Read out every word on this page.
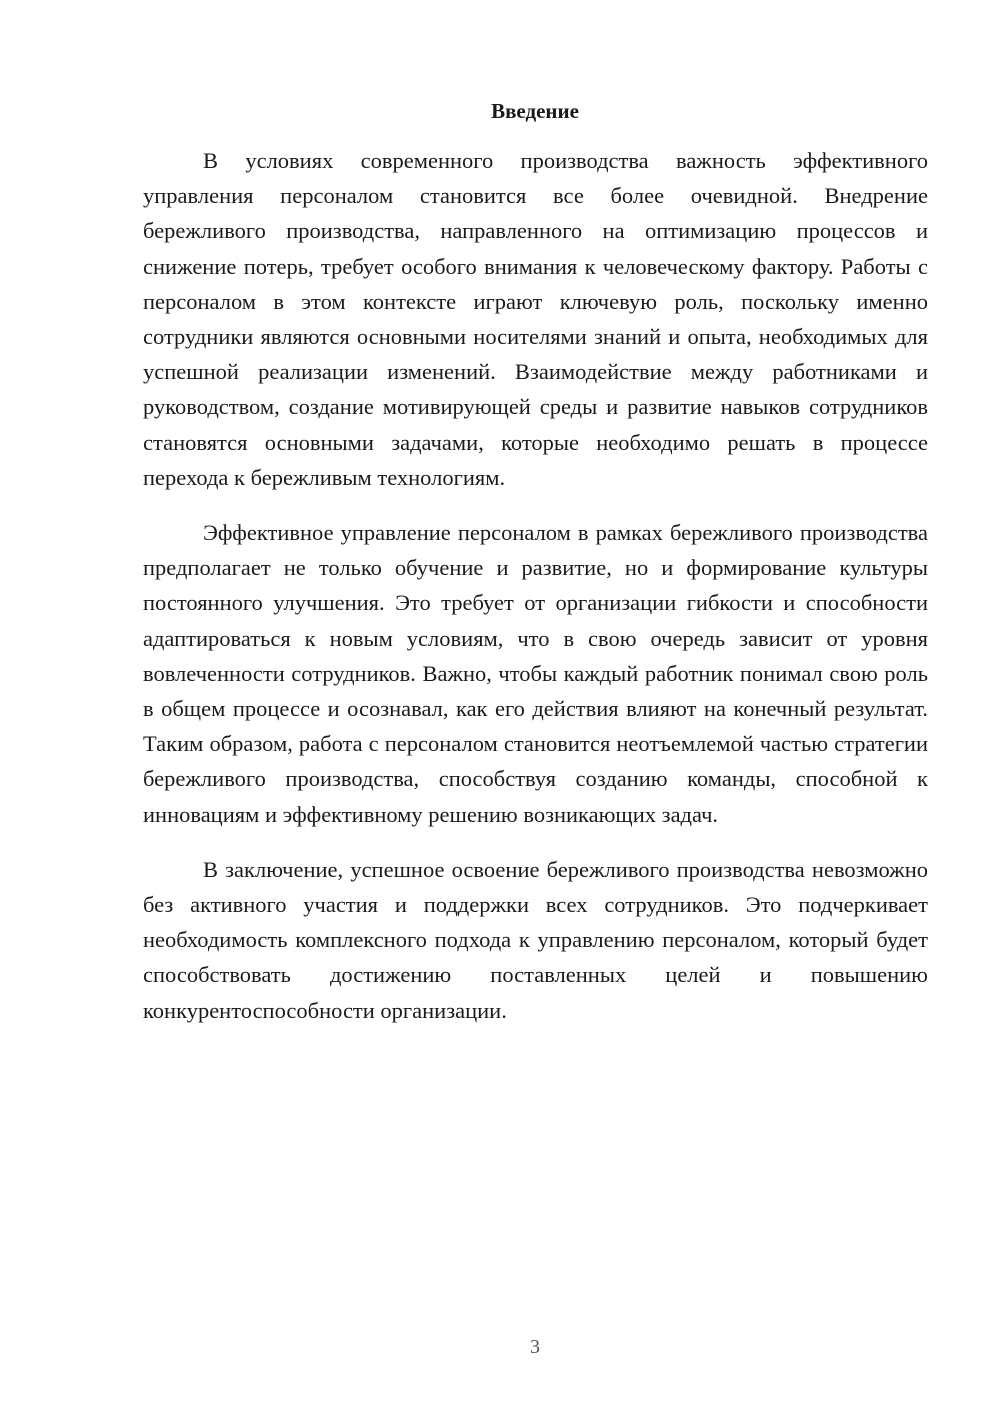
Введение

В условиях современного производства важность эффективного управления персоналом становится все более очевидной. Внедрение бережливого производства, направленного на оптимизацию процессов и снижение потерь, требует особого внимания к человеческому фактору. Работы с персоналом в этом контексте играют ключевую роль, поскольку именно сотрудники являются основными носителями знаний и опыта, необходимых для успешной реализации изменений. Взаимодействие между работниками и руководством, создание мотивирующей среды и развитие навыков сотрудников становятся основными задачами, которые необходимо решать в процессе перехода к бережливым технологиям.

Эффективное управление персоналом в рамках бережливого производства предполагает не только обучение и развитие, но и формирование культуры постоянного улучшения. Это требует от организации гибкости и способности адаптироваться к новым условиям, что в свою очередь зависит от уровня вовлеченности сотрудников. Важно, чтобы каждый работник понимал свою роль в общем процессе и осознавал, как его действия влияют на конечный результат. Таким образом, работа с персоналом становится неотъемлемой частью стратегии бережливого производства, способствуя созданию команды, способной к инновациям и эффективному решению возникающих задач.

В заключение, успешное освоение бережливого производства невозможно без активного участия и поддержки всех сотрудников. Это подчеркивает необходимость комплексного подхода к управлению персоналом, который будет способствовать достижению поставленных целей и повышению конкурентоспособности организации.

3
